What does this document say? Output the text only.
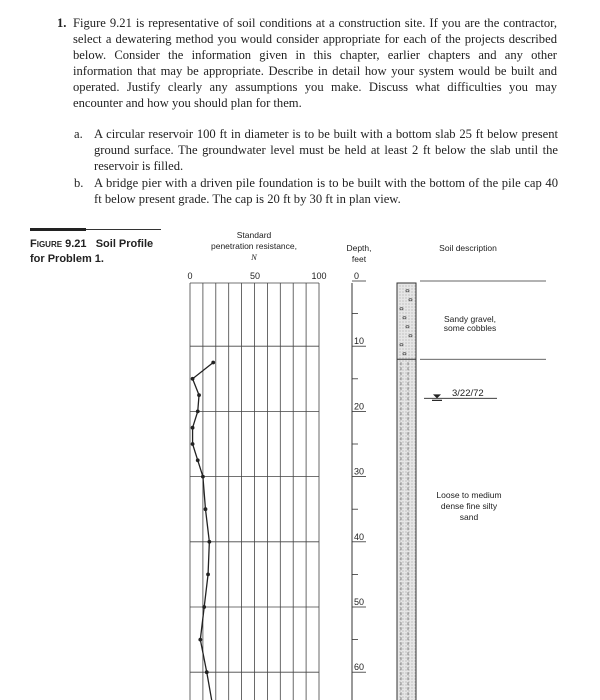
1. Figure 9.21 is representative of soil conditions at a construction site. If you are the contractor, select a dewatering method you would consider appropriate for each of the projects described below. Consider the information given in this chapter, earlier chapters and any other information that may be appropriate. Describe in detail how your system would be built and operated. Justify clearly any assumptions you make. Discuss what difficulties you may encounter and how you should plan for them.
a. A circular reservoir 100 ft in diameter is to be built with a bottom slab 25 ft below present ground surface. The groundwater level must be held at least 2 ft below the slab until the reservoir is filled.
b. A bridge pier with a driven pile foundation is to be built with the bottom of the pile cap 40 ft below present grade. The cap is 20 ft by 30 ft in plan view.
Figure 9.21 Soil Profile
for Problem 1.
Standard
penetration resistance,
N
Depth,
feet
Soil description
0	50	100	0
10
20
30
40
50
60
Sandy gravel,
some cobbles
Loose to medium
dense fine silty
sand
3/22/72
